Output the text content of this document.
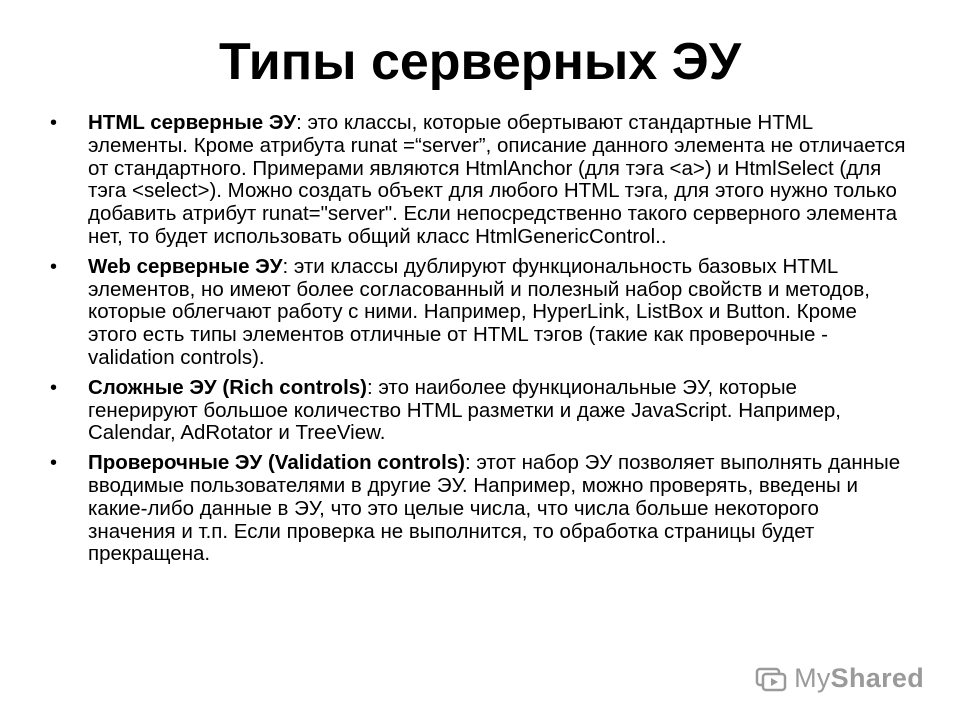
Типы серверных ЭУ
• HTML серверные ЭУ: это классы, которые обертывают стандартные HTML элементы. Кроме атрибута runat =“server”, описание данного элемента не отличается от стандартного. Примерами являются HtmlAnchor (для тэга <a>) и HtmlSelect (для тэга <select>). Можно создать объект для любого HTML тэга, для этого нужно только добавить атрибут runat="server". Если непосредственно такого серверного элемента нет, то будет использовать общий класс HtmlGenericControl..
• Web серверные ЭУ: эти классы дублируют функциональность базовых HTML элементов, но имеют более согласованный и полезный набор свойств и методов, которые облегчают работу с ними. Например, HyperLink, ListBox и Button. Кроме этого есть типы элементов отличные от HTML тэгов (такие как проверочные - validation controls).
• Сложные ЭУ (Rich controls): это наиболее функциональные ЭУ, которые генерируют большое количество HTML разметки и даже JavaScript. Например, Calendar, AdRotator и TreeView.
• Проверочные ЭУ (Validation controls): этот набор ЭУ позволяет выполнять данные вводимые пользователями в другие ЭУ. Например, можно проверять, введены и какие-либо данные в ЭУ, что это целые числа, что числа больше некоторого значения и т.п. Если проверка не выполнится, то обработка страницы будет прекращена.
My Shared
